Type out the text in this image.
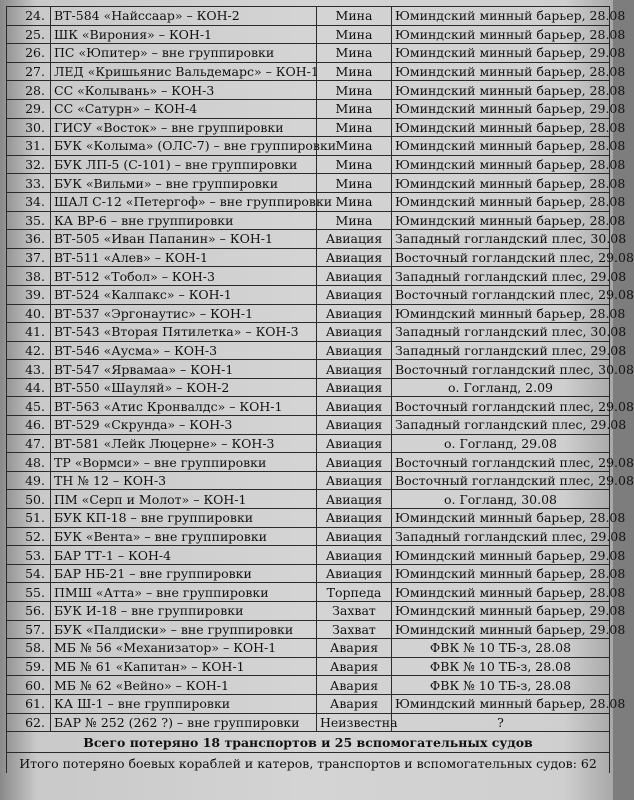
24.	ВТ-584 «Найссаар» – КОН-2	Мина	Юминдский минный барьер, 28.08
25.	ШК «Вирония» – КОН-1	Мина	Юминдский минный барьер, 28.08
26.	ПС «Юпитер» – вне группировки	Мина	Юминдский минный барьер, 29.08
27.	ЛЕД «Кришьянис Вальдемарс» – КОН-1	Мина	Юминдский минный барьер, 28.08
28.	СС «Колывань» – КОН-3	Мина	Юминдский минный барьер, 28.08
29.	СС «Сатурн» – КОН-4	Мина	Юминдский минный барьер, 29.08
30.	ГИСУ «Восток» – вне группировки	Мина	Юминдский минный барьер, 28.08
31.	БУК «Колыма» (ОЛС-7) – вне группировки	Мина	Юминдский минный барьер, 28.08
32.	БУК ЛП-5 (С-101) – вне группировки	Мина	Юминдский минный барьер, 28.08
33.	БУК «Вильми» – вне группировки	Мина	Юминдский минный барьер, 28.08
34.	ШАЛ С-12 «Петергоф» – вне группировки	Мина	Юминдский минный барьер, 28.08
35.	КА ВР-6 – вне группировки	Мина	Юминдский минный барьер, 28.08
36.	ВТ-505 «Иван Папанин» – КОН-1	Авиация	Западный гогландский плес, 30.08
37.	ВТ-511 «Алев» – КОН-1	Авиация	Восточный гогландский плес, 29.08
38.	ВТ-512 «Тобол» – КОН-3	Авиация	Западный гогландский плес, 29.08
39.	ВТ-524 «Калпакс» – КОН-1	Авиация	Восточный гогландский плес, 29.08
40.	ВТ-537 «Эргонаутис» – КОН-1	Авиация	Юминдский минный барьер, 28.08
41.	ВТ-543 «Вторая Пятилетка» – КОН-3	Авиация	Западный гогландский плес, 30.08
42.	ВТ-546 «Аусма» – КОН-3	Авиация	Западный гогландский плес, 29.08
43.	ВТ-547 «Ярвамаа» – КОН-1	Авиация	Восточный гогландский плес, 30.08
44.	ВТ-550 «Шауляй» – КОН-2	Авиация	о. Гогланд, 2.09
45.	ВТ-563 «Атис Кронвалдс» – КОН-1	Авиация	Восточный гогландский плес, 29.08
46.	ВТ-529 «Скрунда» – КОН-3	Авиация	Западный гогландский плес, 29.08
47.	ВТ-581 «Лейк Люцерне» – КОН-3	Авиация	о. Гогланд, 29.08
48.	ТР «Вормси» – вне группировки	Авиация	Восточный гогландский плес, 29.08
49.	ТН № 12 – КОН-3	Авиация	Восточный гогландский плес, 29.08
50.	ПМ «Серп и Молот» – КОН-1	Авиация	о. Гогланд, 30.08
51.	БУК КП-18 – вне группировки	Авиация	Юминдский минный барьер, 28.08
52.	БУК «Вента» – вне группировки	Авиация	Западный гогландский плес, 29.08
53.	БАР ТТ-1 – КОН-4	Авиация	Юминдский минный барьер, 29.08
54.	БАР НБ-21 – вне группировки	Авиация	Юминдский минный барьер, 28.08
55.	ПМШ «Атта» – вне группировки	Торпеда	Юминдский минный барьер, 28.08
56.	БУК И-18 – вне группировки	Захват	Юминдский минный барьер, 29.08
57.	БУК «Палдиски» – вне группировки	Захват	Юминдский минный барьер, 29.08
58.	МБ № 56 «Механизатор» – КОН-1	Авария	ФВК № 10 ТБ-з, 28.08
59.	МБ № 61 «Капитан» – КОН-1	Авария	ФВК № 10 ТБ-з, 28.08
60.	МБ № 62 «Вейно» – КОН-1	Авария	ФВК № 10 ТБ-з, 28.08
61.	КА Ш-1 – вне группировки	Авария	Юминдский минный барьер, 28.08
62.	БАР № 252 (262 ?) – вне группировки	Неизвестна	?
Всего потеряно 18 транспортов и 25 вспомогательных судов			
Итого потеряно боевых кораблей и катеров, транспортов и вспомогательных судов: 62			
